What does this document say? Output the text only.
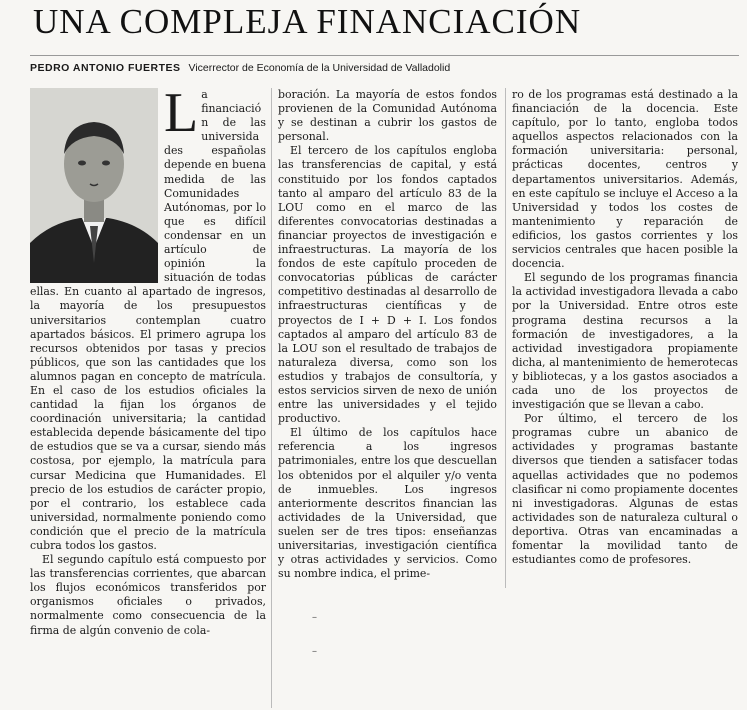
UNA COMPLEJA FINANCIACIÓN
PEDRO ANTONIO FUERTES Vicerrector de Economía de la Universidad de Valladolid
L a financiación de las universidades españolas depende en buena medida de las Comunidades Autónomas, por lo que es difícil condensar en un artículo de opinión la situación de todas ellas. En cuanto al apartado de ingresos, la mayoría de los presupuestos universitarios contemplan cuatro apartados básicos. El primero agrupa los recursos obtenidos por tasas y precios públicos, que son las cantidades que los alumnos pagan en concepto de matrícula. En el caso de los estudios oficiales la cantidad la fijan los órganos de coordinación universitaria; la cantidad establecida depende básicamente del tipo de estudios que se va a cursar, siendo más costosa, por ejemplo, la matrícula para cursar Medicina que Humanidades. El precio de los estudios de carácter propio, por el contrario, los establece cada universidad, normalmente poniendo como condición que el precio de la matrícula cubra todos los gastos.

El segundo capítulo está compuesto por las transferencias corrientes, que abarcan los flujos económicos transferidos por organismos oficiales o privados, normalmente como consecuencia de la firma de algún convenio de cola-

boración. La mayoría de estos fondos provienen de la Comunidad Autónoma y se destinan a cubrir los gastos de personal.

El tercero de los capítulos engloba las transferencias de capital, y está constituido por los fondos captados tanto al amparo del artículo 83 de la LOU como en el marco de las diferentes convocatorias destinadas a financiar proyectos de investigación e infraestructuras. La mayoría de los fondos de este capítulo proceden de convocatorias públicas de carácter competitivo destinadas al desarrollo de infraestructuras científicas y de proyectos de I + D + I. Los fondos captados al amparo del artículo 83 de la LOU son el resultado de trabajos de naturaleza diversa, como son los estudios y trabajos de consultoría, y estos servicios sirven de nexo de unión entre las universidades y el tejido productivo.

El último de los capítulos hace referencia a los ingresos patrimoniales, entre los que descuellan los obtenidos por el alquiler y/o venta de inmuebles. Los ingresos anteriormente descritos financian las actividades de la Universidad, que suelen ser de tres tipos: enseñanzas universitarias, investigación científica y otras actividades y servicios. Como su nombre indica, el prime-

ro de los programas está destinado a la financiación de la docencia. Este capítulo, por lo tanto, engloba todos aquellos aspectos relacionados con la formación universitaria: personal, prácticas docentes, centros y departamentos universitarios. Además, en este capítulo se incluye el Acceso a la Universidad y todos los costes de mantenimiento y reparación de edificios, los gastos corrientes y los servicios centrales que hacen posible la docencia.

El segundo de los programas financia la actividad investigadora llevada a cabo por la Universidad. Entre otros este programa destina recursos a la formación de investigadores, a la actividad investigadora propiamente dicha, al mantenimiento de hemerotecas y bibliotecas, y a los gastos asociados a cada uno de los proyectos de investigación que se llevan a cabo.

Por último, el tercero de los programas cubre un abanico de actividades y programas bastante diversos que tienden a satisfacer todas aquellas actividades que no podemos clasificar ni como propiamente docentes ni investigadoras. Algunas de estas actividades son de naturaleza cultural o deportiva. Otras van encaminadas a fomentar la movilidad tanto de estudiantes como de profesores.

–
–
